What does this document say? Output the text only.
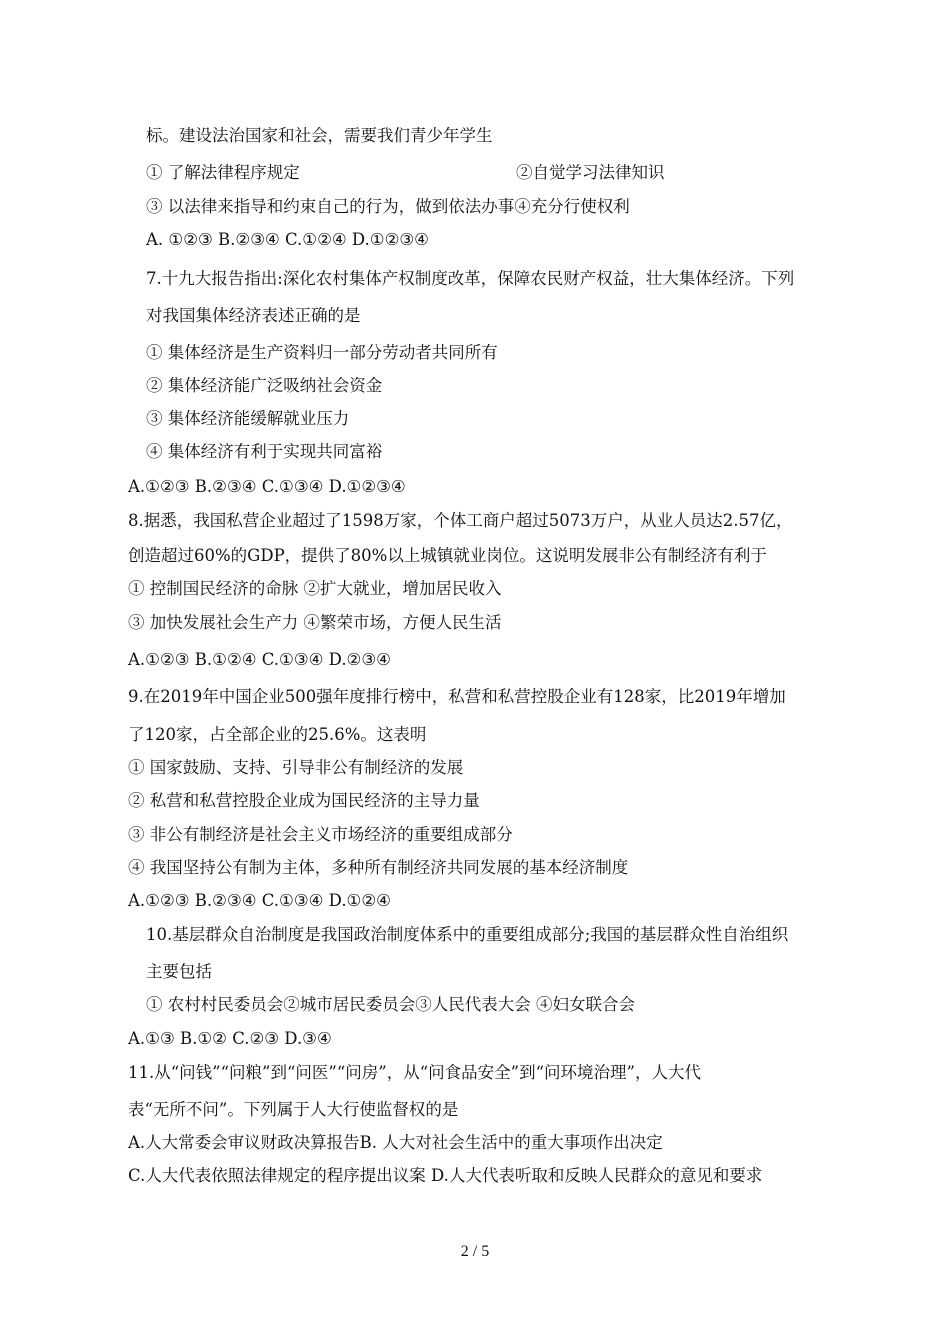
标。建设法治国家和社会，需要我们青少年学生
① 了解法律程序规定	②自觉学习法律知识
③ 以法律来指导和约束自己的行为，做到依法办事④充分行使权利
A. ①②③ B.②③④ C.①②④ D.①②③④
7.十九大报告指出:深化农村集体产权制度改革，保障农民财产权益，壮大集体经济。下列
对我国集体经济表述正确的是
① 集体经济是生产资料归一部分劳动者共同所有
② 集体经济能广泛吸纳社会资金
③ 集体经济能缓解就业压力
④ 集体经济有利于实现共同富裕
A.①②③ B.②③④ C.①③④ D.①②③④
8.据悉，我国私营企业超过了1598万家，个体工商户超过5073万户，从业人员达2.57亿，
创造超过60%的GDP，提供了80%以上城镇就业岗位。这说明发展非公有制经济有利于
① 控制国民经济的命脉 ②扩大就业，增加居民收入
③ 加快发展社会生产力 ④繁荣市场，方便人民生活
A.①②③ B.①②④ C.①③④ D.②③④
9.在2019年中国企业500强年度排行榜中，私营和私营控股企业有128家，比2019年增加
了120家，占全部企业的25.6%。这表明
① 国家鼓励、支持、引导非公有制经济的发展
② 私营和私营控股企业成为国民经济的主导力量
③ 非公有制经济是社会主义市场经济的重要组成部分
④ 我国坚持公有制为主体，多种所有制经济共同发展的基本经济制度
A.①②③ B.②③④ C.①③④ D.①②④
10.基层群众自治制度是我国政治制度体系中的重要组成部分;我国的基层群众性自治组织
主要包括
① 农村村民委员会②城市居民委员会③人民代表大会 ④妇女联合会
A.①③ B.①② C.②③ D.③④
11.从“问钱”“问粮”到“问医”“问房”，从“问食品安全”到“问环境治理”，人大代
表“无所不问”。下列属于人大行使监督权的是
A.人大常委会审议财政决算报告B. 人大对社会生活中的重大事项作出决定
C.人大代表依照法律规定的程序提出议案 D.人大代表听取和反映人民群众的意见和要求
2 / 5
